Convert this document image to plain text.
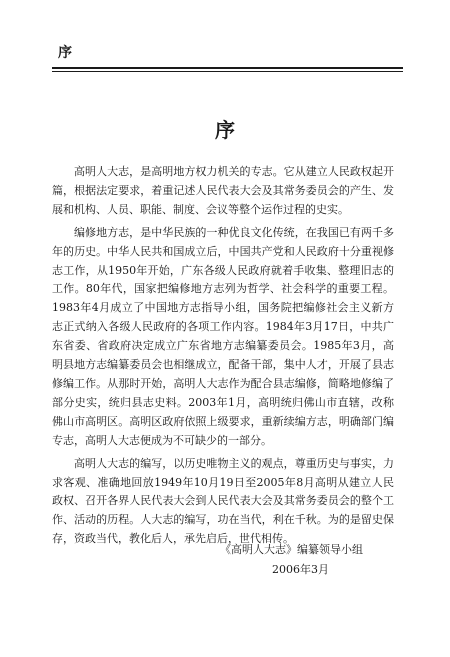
序
序

高明人大志，是高明地方权力机关的专志。它从建立人民政权起开篇，根据法定要求，着重记述人民代表大会及其常务委员会的产生、发展和机构、人员、职能、制度、会议等整个运作过程的史实。

编修地方志，是中华民族的一种优良文化传统，在我国已有两千多年的历史。中华人民共和国成立后，中国共产党和人民政府十分重视修志工作，从1950年开始，广东各级人民政府就着手收集、整理旧志的工作。80年代，国家把编修地方志列为哲学、社会科学的重要工程。1983年4月成立了中国地方志指导小组，国务院把编修社会主义新方志正式纳入各级人民政府的各项工作内容。1984年3月17日，中共广东省委、省政府决定成立广东省地方志编纂委员会。1985年3月，高明县地方志编纂委员会也相继成立，配备干部，集中人才，开展了县志修编工作。从那时开始，高明人大志作为配合县志编修，简略地修编了部分史实，统归县志史料。2003年1月，高明统归佛山市直辖，改称佛山市高明区。高明区政府依照上级要求，重新续编方志，明确部门编专志，高明人大志便成为不可缺少的一部分。

高明人大志的编写，以历史唯物主义的观点，尊重历史与事实，力求客观、准确地回放1949年10月19日至2005年8月高明从建立人民政权、召开各界人民代表大会到人民代表大会及其常务委员会的整个工作、活动的历程。人大志的编写，功在当代，利在千秋。为的是留史保存，资政当代，教化后人，承先启后，世代相传。

《高明人大志》编纂领导小组
2006年3月
